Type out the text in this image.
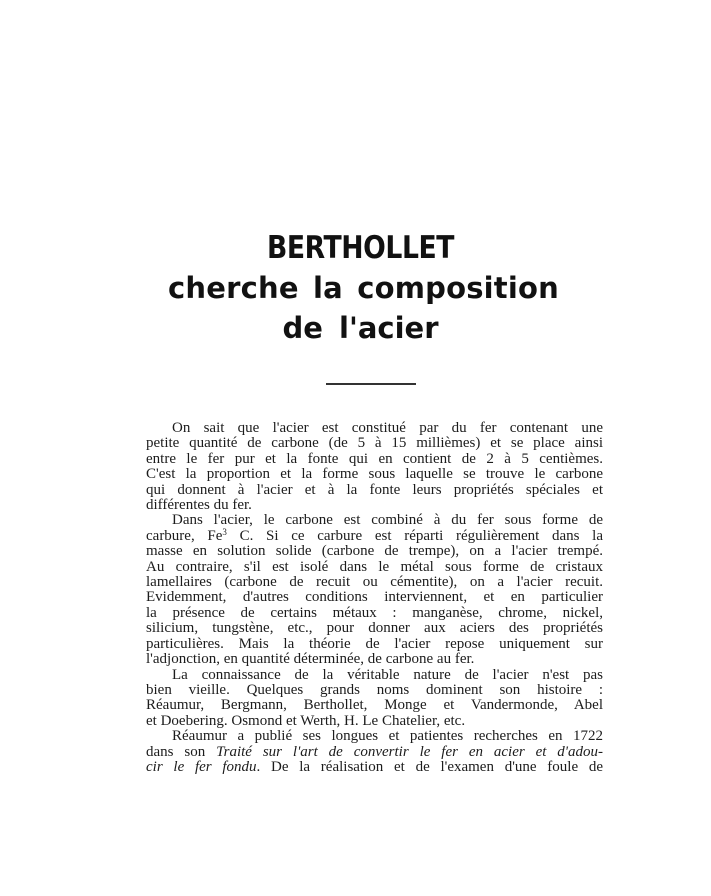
BERTHOLLET
cherche la composition
de l'acier

On sait que l'acier est constitué par du fer contenant une
petite quantité de carbone (de 5 à 15 millièmes) et se place ainsi
entre le fer pur et la fonte qui en contient de 2 à 5 centièmes.
C'est la proportion et la forme sous laquelle se trouve le carbone
qui donnent à l'acier et à la fonte leurs propriétés spéciales et
différentes du fer.

Dans l'acier, le carbone est combiné à du fer sous forme de
carbure, Fe$^3$ C. Si ce carbure est réparti régulièrement dans la
masse en solution solide (carbone de trempe), on a l'acier trempé.
Au contraire, s'il est isolé dans le métal sous forme de cristaux
lamellaires (carbone de recuit ou cémentite), on a l'acier recuit.
Evidemment, d'autres conditions interviennent, et en particulier
la présence de certains métaux : manganèse, chrome, nickel,
silicium, tungstène, etc., pour donner aux aciers des propriétés
particulières. Mais la théorie de l'acier repose uniquement sur
l'adjonction, en quantité déterminée, de carbone au fer.

La connaissance de la véritable nature de l'acier n'est pas
bien vieille. Quelques grands noms dominent son histoire :
Réaumur, Bergmann, Berthollet, Monge et Vandermonde, Abel
et Doebering. Osmond et Werth, H. Le Chatelier, etc.

Réaumur a publié ses longues et patientes recherches en 1722
dans son Traité sur l'art de convertir le fer en acier et d'adou-
cir le fer fondu. De la réalisation et de l'examen d'une foule de
